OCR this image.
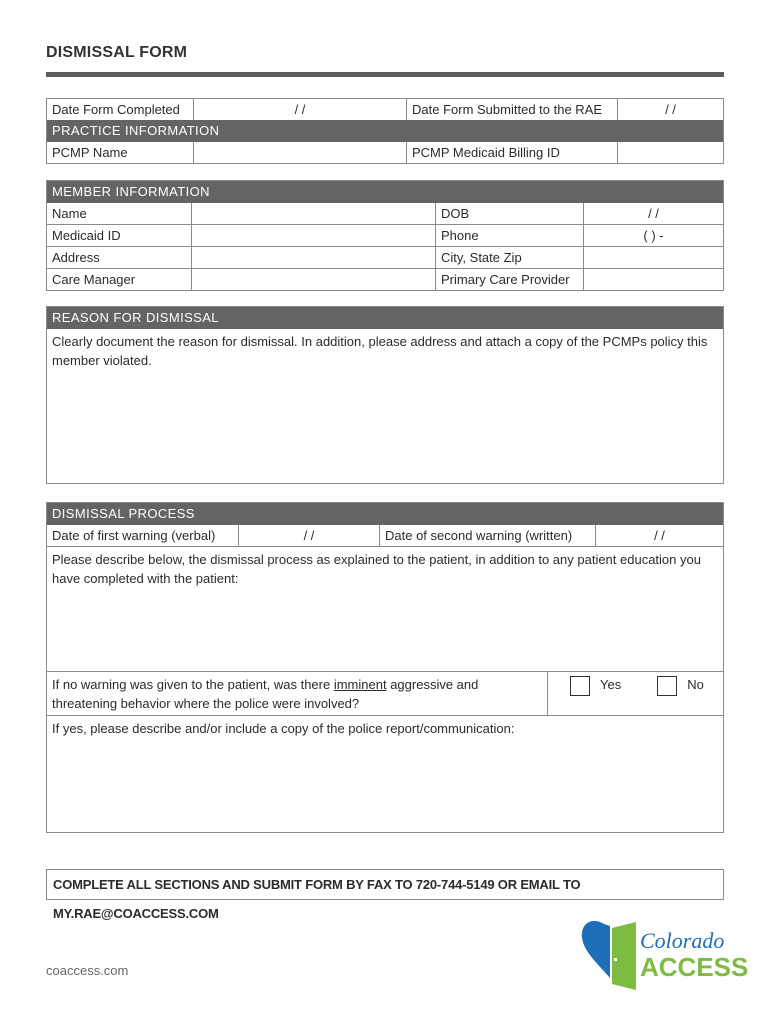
DISMISSAL FORM
Date Form Completed	/ /	Date Form Submitted to the RAE	/ /
PRACTICE INFORMATION
PCMP Name	PCMP Medicaid Billing ID
MEMBER INFORMATION
Name	DOB	/ /
Medicaid ID	Phone	( ) -
Address	City, State Zip
Care Manager	Primary Care Provider
REASON FOR DISMISSAL
Clearly document the reason for dismissal. In addition, please address and attach a copy of the PCMPs policy this member violated.
DISMISSAL PROCESS
Date of first warning (verbal)	/ /	Date of second warning (written)	/ /
Please describe below, the dismissal process as explained to the patient, in addition to any patient education you have completed with the patient:
If no warning was given to the patient, was there imminent aggressive and threatening behavior where the police were involved?
Yes	No
If yes, please describe and/or include a copy of the police report/communication:
COMPLETE ALL SECTIONS AND SUBMIT FORM BY FAX TO 720-744-5149 OR EMAIL TO MY.RAE@COACCESS.COM
coaccess.com
Colorado
ACCESS
